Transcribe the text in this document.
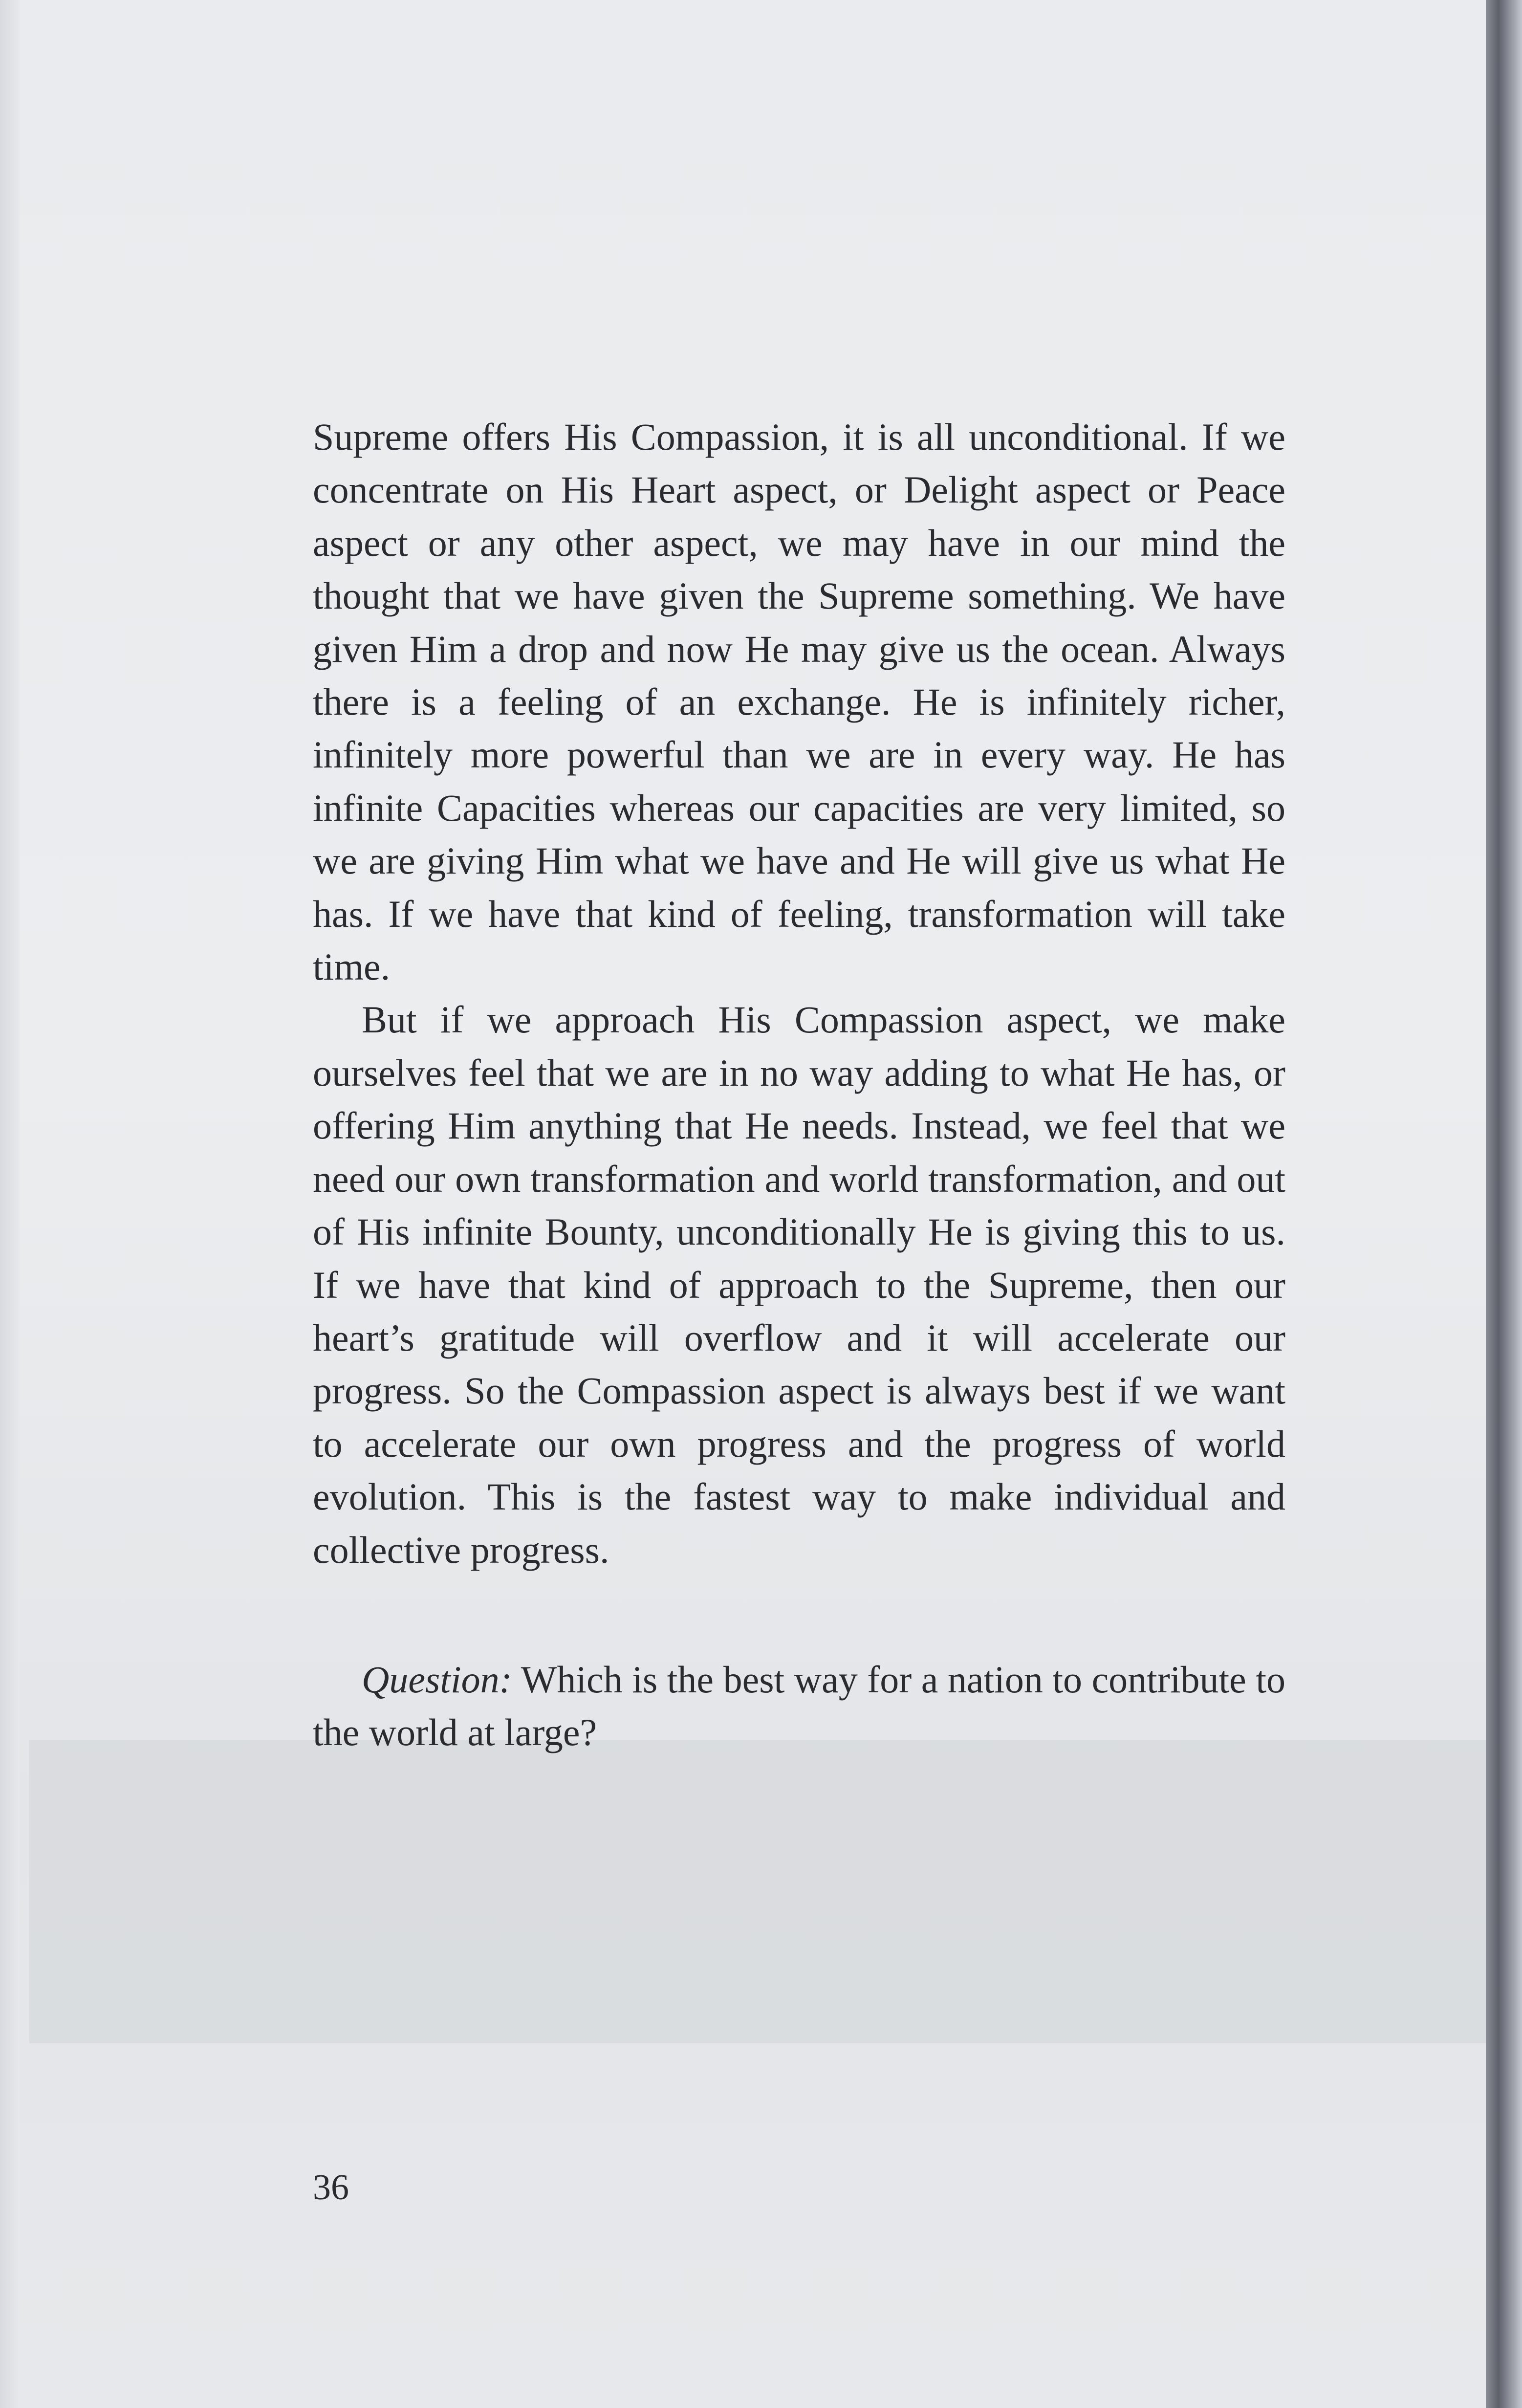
Supreme offers His Compassion, it is all unconditional. If we concentrate on His Heart aspect, or Delight aspect or Peace aspect or any other aspect, we may have in our mind the thought that we have given the Supreme something. We have given Him a drop and now He may give us the ocean. Always there is a feeling of an exchange. He is infinitely richer, infinitely more powerful than we are in every way. He has infinite Capacities whereas our capacities are very limited, so we are giving Him what we have and He will give us what He has. If we have that kind of feeling, transformation will take time.

But if we approach His Compassion aspect, we make ourselves feel that we are in no way adding to what He has, or offering Him anything that He needs. Instead, we feel that we need our own transformation and world transformation, and out of His infinite Bounty, unconditionally He is giving this to us. If we have that kind of approach to the Supreme, then our heart’s gratitude will overflow and it will accelerate our progress. So the Compassion aspect is always best if we want to accelerate our own progress and the progress of world evolution. This is the fastest way to make individual and collective progress.

Question: Which is the best way for a nation to contribute to the world at large?

36
